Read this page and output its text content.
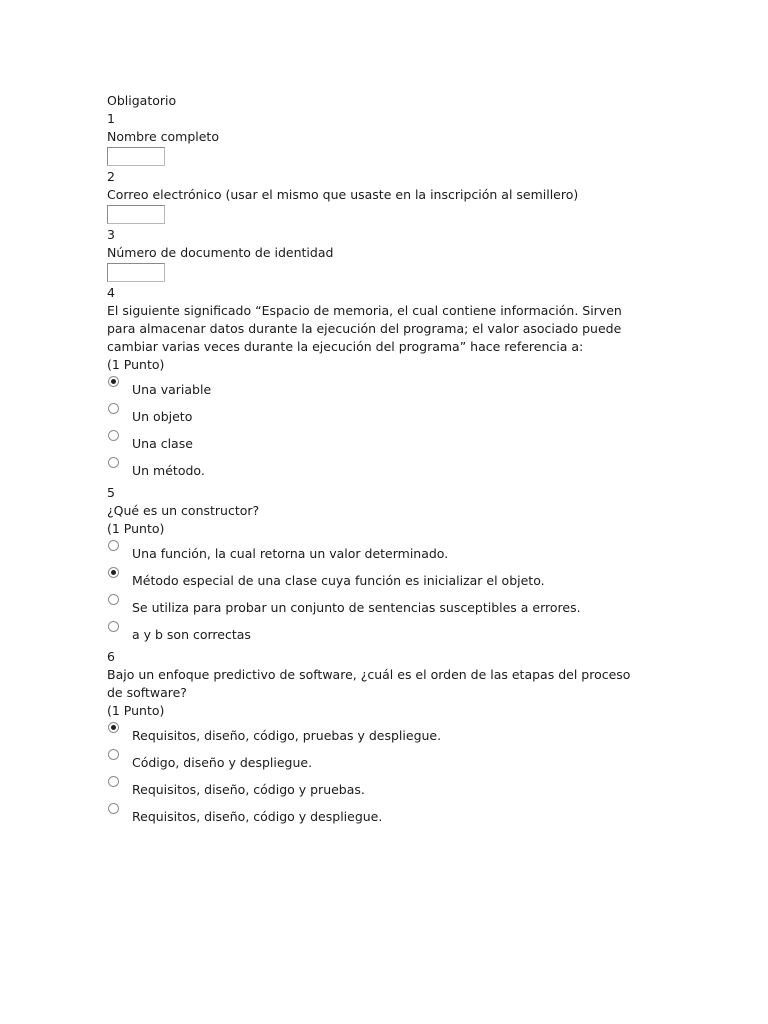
Obligatorio

1

Nombre completo

2

Correo electrónico (usar el mismo que usaste en la inscripción al semillero)

3

Número de documento de identidad

4

El siguiente significado “Espacio de memoria, el cual contiene información. Sirven para almacenar datos durante la ejecución del programa; el valor asociado puede cambiar varias veces durante la ejecución del programa” hace referencia a:

(1 Punto)

Una variable
Un objeto
Una clase
Un método.

5

¿Qué es un constructor?

(1 Punto)

Una función, la cual retorna un valor determinado.
Método especial de una clase cuya función es inicializar el objeto.
Se utiliza para probar un conjunto de sentencias susceptibles a errores.
a y b son correctas

6

Bajo un enfoque predictivo de software, ¿cuál es el orden de las etapas del proceso de software?

(1 Punto)

Requisitos, diseño, código, pruebas y despliegue.
Código, diseño y despliegue.
Requisitos, diseño, código y pruebas.
Requisitos, diseño, código y despliegue.
